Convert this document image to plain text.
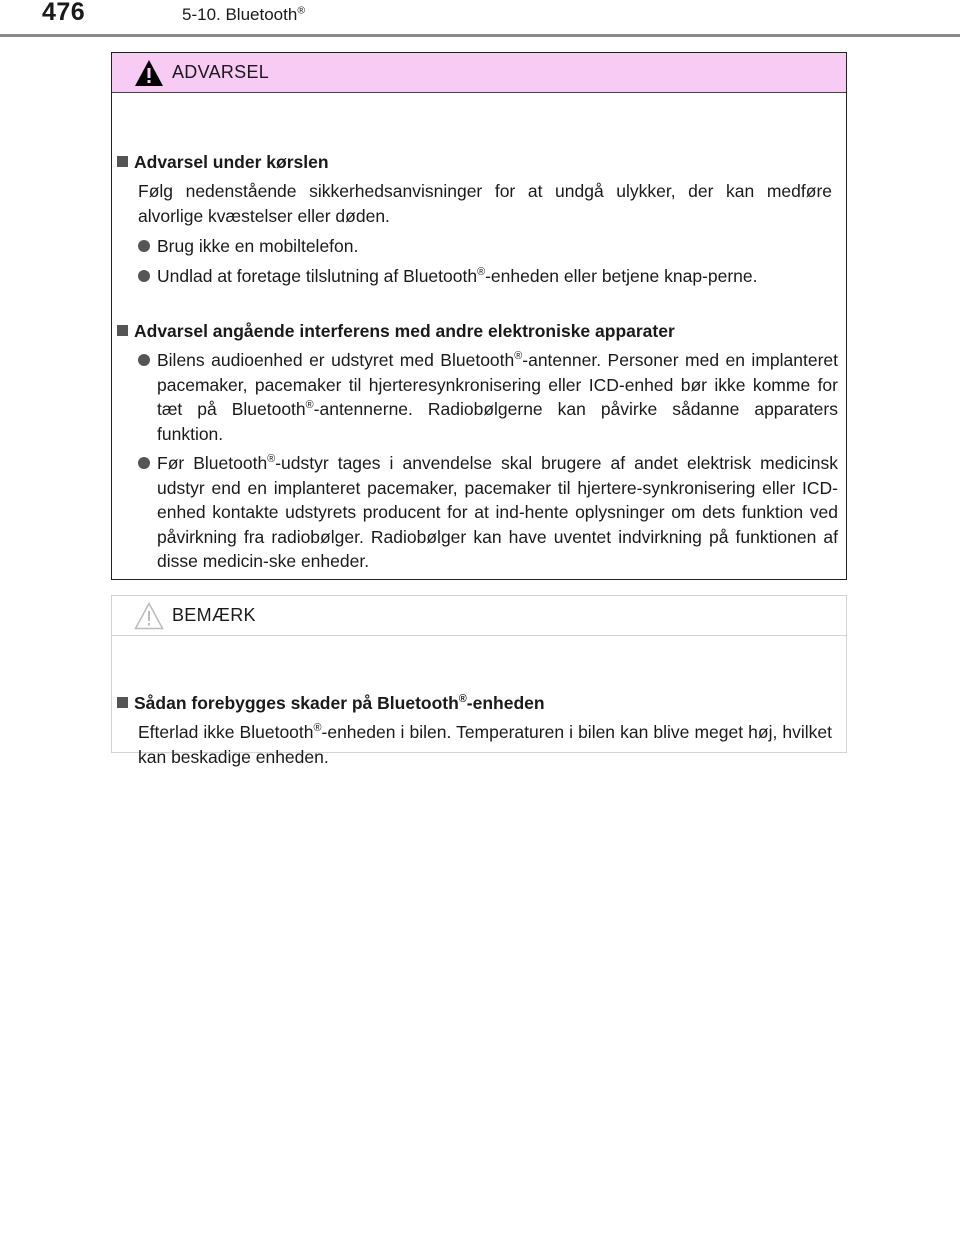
476	5-10. Bluetooth®
ADVARSEL
Advarsel under kørslen
Følg nedenstående sikkerhedsanvisninger for at undgå ulykker, der kan medføre alvorlige kvæstelser eller døden.
Brug ikke en mobiltelefon.
Undlad at foretage tilslutning af Bluetooth®-enheden eller betjene knap-perne.
Advarsel angående interferens med andre elektroniske apparater
Bilens audioenhed er udstyret med Bluetooth®-antenner. Personer med en implanteret pacemaker, pacemaker til hjerteresynkronisering eller ICD-enhed bør ikke komme for tæt på Bluetooth®-antennerne. Radiobølgerne kan påvirke sådanne apparaters funktion.
Før Bluetooth®-udstyr tages i anvendelse skal brugere af andet elektrisk medicinsk udstyr end en implanteret pacemaker, pacemaker til hjertere-synkronisering eller ICD-enhed kontakte udstyrets producent for at ind-hente oplysninger om dets funktion ved påvirkning fra radiobølger. Radiobølger kan have uventet indvirkning på funktionen af disse medicin-ske enheder.
BEMÆRK
Sådan forebygges skader på Bluetooth®-enheden
Efterlad ikke Bluetooth®-enheden i bilen. Temperaturen i bilen kan blive meget høj, hvilket kan beskadige enheden.
